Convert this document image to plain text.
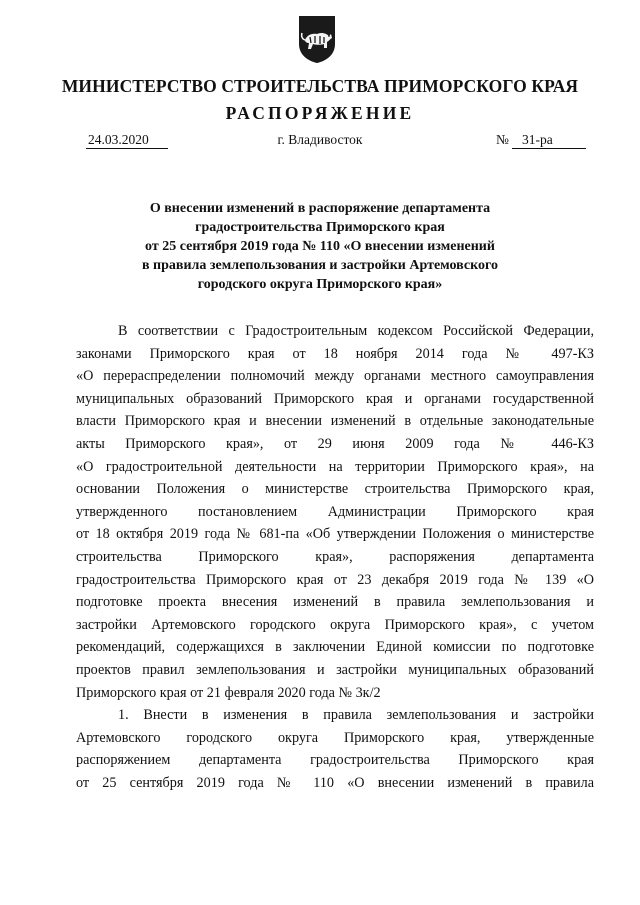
МИНИСТЕРСТВО СТРОИТЕЛЬСТВА ПРИМОРСКОГО КРАЯ
РАСПОРЯЖЕНИЕ
24.03.2020	г. Владивосток	№ 31-ра
О внесении изменений в распоряжение департамента
градостроительства Приморского края
от 25 сентября 2019 года № 110 «О внесении изменений
в правила землепользования и застройки Артемовского
городского округа Приморского края»
В соответствии с Градостроительным кодексом Российской Федерации,
законами Приморского края от 18 ноября 2014 года № 497-КЗ
«О перераспределении полномочий между органами местного самоуправления
муниципальных образований Приморского края и органами государственной
власти Приморского края и внесении изменений в отдельные законодательные
акты Приморского края», от 29 июня 2009 года № 446-КЗ
«О градостроительной деятельности на территории Приморского края», на
основании Положения о министерстве строительства Приморского края,
утвержденного постановлением Администрации Приморского края
от 18 октября 2019 года № 681-па «Об утверждении Положения о министерстве
строительства Приморского края», распоряжения департамента
градостроительства Приморского края от 23 декабря 2019 года № 139 «О
подготовке проекта внесения изменений в правила землепользования и
застройки Артемовского городского округа Приморского края», с учетом
рекомендаций, содержащихся в заключении Единой комиссии по подготовке
проектов правил землепользования и застройки муниципальных образований
Приморского края от 21 февраля 2020 года № 3к/2
1. Внести в изменения в правила землепользования и застройки
Артемовского городского округа Приморского края, утвержденные
распоряжением департамента градостроительства Приморского края
от 25 сентября 2019 года № 110 «О внесении изменений в правила
